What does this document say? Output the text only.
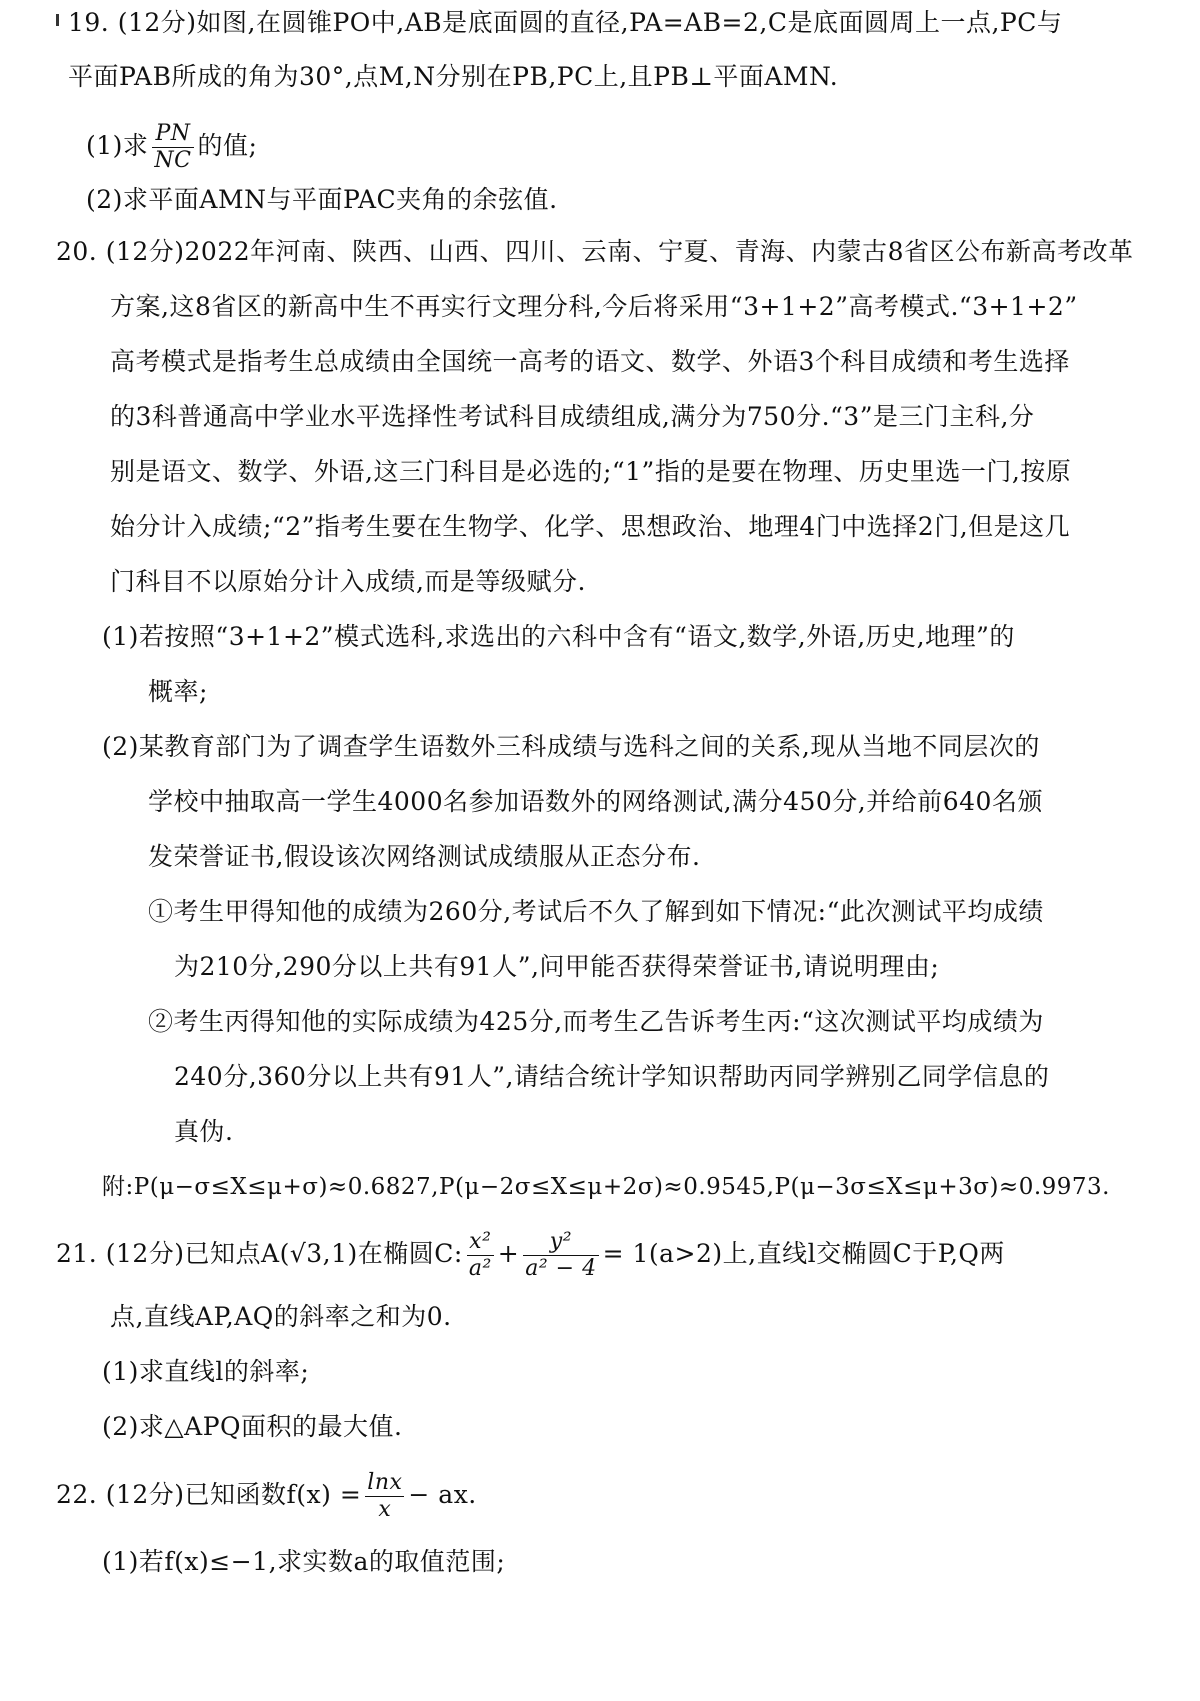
19. (12分)如图,在圆锥PO中,AB是底面圆的直径,PA=AB=2,C是底面圆周上一点,PC与
平面PAB所成的角为30°,点M,N分别在PB,PC上,且PB⊥平面AMN.
(1)求 $\frac{PN}{NC}$ 的值;
(2)求平面AMN与平面PAC夹角的余弦值.
20. (12分)2022年河南、陕西、山西、四川、云南、宁夏、青海、内蒙古8省区公布新高考改革
方案,这8省区的新高中生不再实行文理分科,今后将采用“3+1+2”高考模式.“3+1+2”
高考模式是指考生总成绩由全国统一高考的语文、数学、外语3个科目成绩和考生选择
的3科普通高中学业水平选择性考试科目成绩组成,满分为750分.“3”是三门主科,分
别是语文、数学、外语,这三门科目是必选的;“1”指的是要在物理、历史里选一门,按原
始分计入成绩;“2”指考生要在生物学、化学、思想政治、地理4门中选择2门,但是这几
门科目不以原始分计入成绩,而是等级赋分.
(1)若按照“3+1+2”模式选科,求选出的六科中含有“语文,数学,外语,历史,地理”的
概率;
(2)某教育部门为了调查学生语数外三科成绩与选科之间的关系,现从当地不同层次的
学校中抽取高一学生4000名参加语数外的网络测试,满分450分,并给前640名颁
发荣誉证书,假设该次网络测试成绩服从正态分布.
①考生甲得知他的成绩为260分,考试后不久了解到如下情况:“此次测试平均成绩
为210分,290分以上共有91人”,问甲能否获得荣誉证书,请说明理由;
②考生丙得知他的实际成绩为425分,而考生乙告诉考生丙:“这次测试平均成绩为
240分,360分以上共有91人”,请结合统计学知识帮助丙同学辨别乙同学信息的
真伪.
附:P(μ−σ≤X≤μ+σ)≈0.6827,P(μ−2σ≤X≤μ+2σ)≈0.9545,P(μ−3σ≤X≤μ+3σ)≈0.9973.
21. (12分)已知点A(√3,1)在椭圆C: $\frac{\text{x²}}{\text{a²}} + \frac{\text{y²}}{\text{a² − 4}} = 1(a>2)$上,直线l交椭圆C于P,Q两
点,直线AP,AQ的斜率之和为0.
(1)求直线l的斜率;
(2)求△APQ面积的最大值.
22. (12分)已知函数$f(x) = \frac{\ln x}{x}$ − ax.
(1)若f(x)≤−1,求实数a的取值范围;
